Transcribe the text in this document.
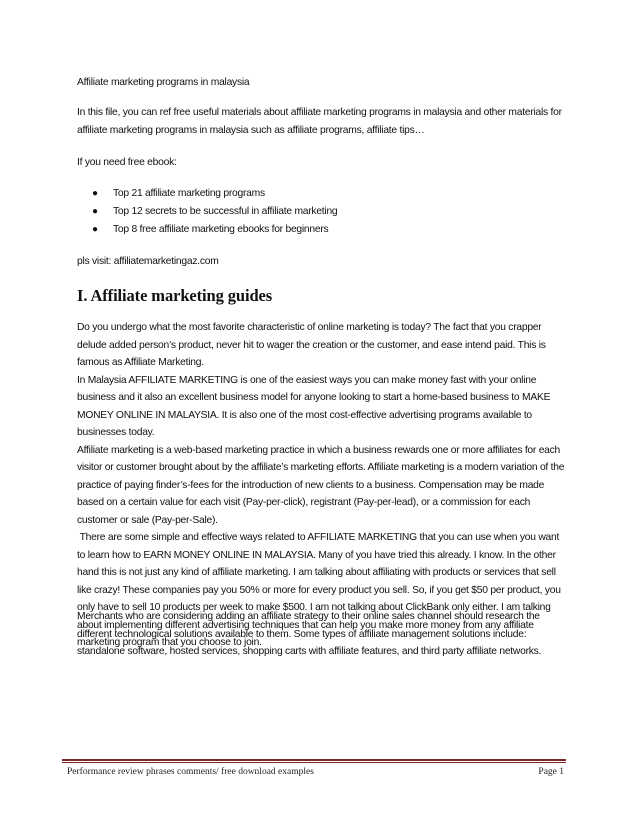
Affiliate marketing programs in malaysia
In this file, you can ref free useful materials about affiliate marketing programs in malaysia and other materials for affiliate marketing programs in malaysia such as affiliate programs, affiliate tips…
If you need free ebook:
● Top 21 affiliate marketing programs
● Top 12 secrets to be successful in affiliate marketing
● Top 8 free affiliate marketing ebooks for beginners
pls visit: affiliatemarketingaz.com
I. Affiliate marketing guides

Do you undergo what the most favorite characteristic of online marketing is today? The fact that you crapper delude added person’s product, never hit to wager the creation or the customer, and ease intend paid. This is famous as Affiliate Marketing.

In Malaysia AFFILIATE MARKETING is one of the easiest ways you can make money fast with your online business and it also an excellent business model for anyone looking to start a home-based business to MAKE MONEY ONLINE IN MALAYSIA. It is also one of the most cost-effective advertising programs available to businesses today.

Affiliate marketing is a web-based marketing practice in which a business rewards one or more affiliates for each visitor or customer brought about by the affiliate’s marketing efforts. Affiliate marketing is a modern variation of the practice of paying finder’s-fees for the introduction of new clients to a business. Compensation may be made based on a certain value for each visit (Pay-per-click), registrant (Pay-per-lead), or a commission for each customer or sale (Pay-per-Sale).

There are some simple and effective ways related to AFFILIATE MARKETING that you can use when you want to learn how to EARN MONEY ONLINE IN MALAYSIA. Many of you have tried this already. I know. In the other hand this is not just any kind of affiliate marketing. I am talking about affiliating with products or services that sell like crazy! These companies pay you 50% or more for every product you sell. So, if you get $50 per product, you only have to sell 10 products per week to make $500. I am not talking about ClickBank only either. I am talking about implementing different advertising techniques that can help you make more money from any affiliate marketing program that you choose to join.

Merchants who are considering adding an affiliate strategy to their online sales channel should research the different technological solutions available to them. Some types of affiliate management solutions include: standalone software, hosted services, shopping carts with affiliate features, and third party affiliate networks.

Performance review phrases comments/ free download examples	Page 1
